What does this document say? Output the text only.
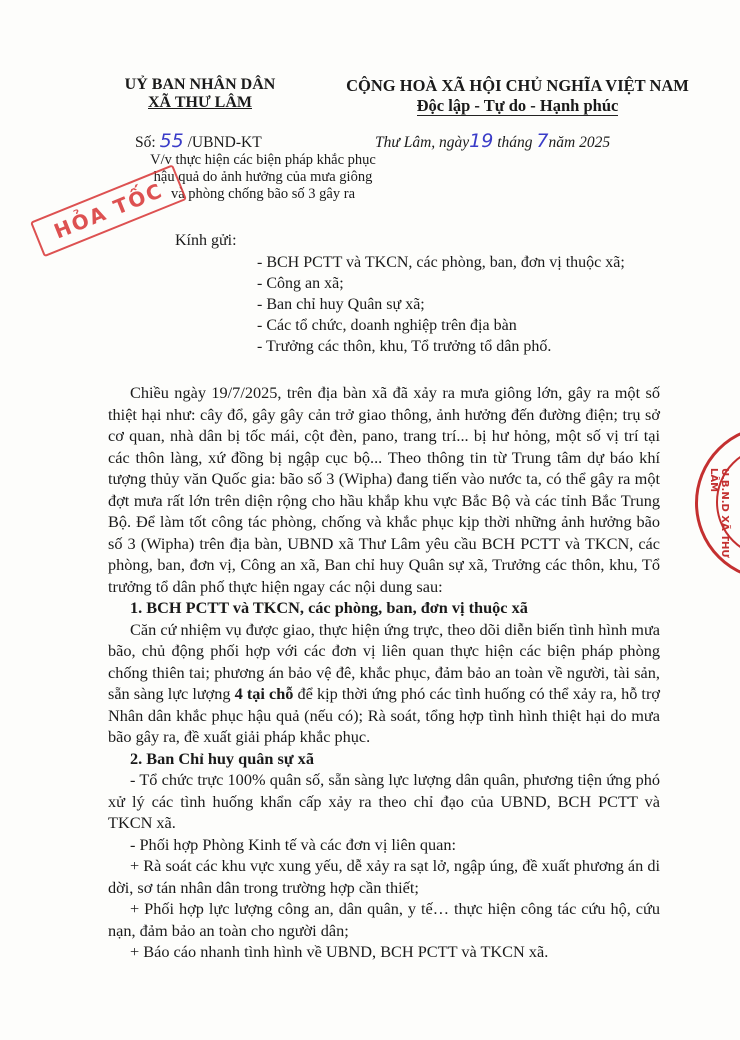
UỶ BAN NHÂN DÂN
XÃ THƯ LÂM
CỘNG HOÀ XÃ HỘI CHỦ NGHĨA VIỆT NAM
Độc lập - Tự do - Hạnh phúc
Số: 55 /UBND-KT	Thư Lâm, ngày19 tháng 7năm 2025
V/v thực hiện các biện pháp khắc phục
hậu quả do ảnh hưởng của mưa giông
và phòng chống bão số 3 gây ra
HỎA TỐC Kính gửi:
- BCH PCTT và TKCN, các phòng, ban, đơn vị thuộc xã;
- Công an xã;
- Ban chỉ huy Quân sự xã;
- Các tổ chức, doanh nghiệp trên địa bàn
- Trưởng các thôn, khu, Tổ trưởng tổ dân phố.

Chiều ngày 19/7/2025, trên địa bàn xã đã xảy ra mưa giông lớn, gây ra một số thiệt hại như: cây đổ, gây gây cản trở giao thông, ảnh hưởng đến đường điện; trụ sở cơ quan, nhà dân bị tốc mái, cột đèn, pano, trang trí... bị hư hỏng, một số vị trí tại các thôn làng, xứ đồng bị ngập cục bộ... Theo thông tin từ Trung tâm dự báo khí tượng thủy văn Quốc gia: bão số 3 (Wipha) đang tiến vào nước ta, có thể gây ra một đợt mưa rất lớn trên diện rộng cho hầu khắp khu vực Bắc Bộ và các tỉnh Bắc Trung Bộ. Để làm tốt công tác phòng, chống và khắc phục kịp thời những ảnh hưởng bão số 3 (Wipha) trên địa bàn, UBND xã Thư Lâm yêu cầu BCH PCTT và TKCN, các phòng, ban, đơn vị, Công an xã, Ban chỉ huy Quân sự xã, Trưởng các thôn, khu, Tổ trưởng tổ dân phố thực hiện ngay các nội dung sau:

1. BCH PCTT và TKCN, các phòng, ban, đơn vị thuộc xã

Căn cứ nhiệm vụ được giao, thực hiện ứng trực, theo dõi diễn biến tình hình mưa bão, chủ động phối hợp với các đơn vị liên quan thực hiện các biện pháp phòng chống thiên tai; phương án bảo vệ đê, khắc phục, đảm bảo an toàn về người, tài sản, sẵn sàng lực lượng 4 tại chỗ để kịp thời ứng phó các tình huống có thể xảy ra, hỗ trợ Nhân dân khắc phục hậu quả (nếu có); Rà soát, tổng hợp tình hình thiệt hại do mưa bão gây ra, đề xuất giải pháp khắc phục.

2. Ban Chỉ huy quân sự xã

- Tổ chức trực 100% quân số, sẵn sàng lực lượng dân quân, phương tiện ứng phó xử lý các tình huống khẩn cấp xảy ra theo chỉ đạo của UBND, BCH PCTT và TKCN xã.

- Phối hợp Phòng Kinh tế và các đơn vị liên quan:

+ Rà soát các khu vực xung yếu, dễ xảy ra sạt lở, ngập úng, đề xuất phương án di dời, sơ tán nhân dân trong trường hợp cần thiết;

+ Phối hợp lực lượng công an, dân quân, y tế… thực hiện công tác cứu hộ, cứu nạn, đảm bảo an toàn cho người dân;

+ Báo cáo nhanh tình hình về UBND, BCH PCTT và TKCN xã.

U.B.N.D XÃ THƯ LÂM
